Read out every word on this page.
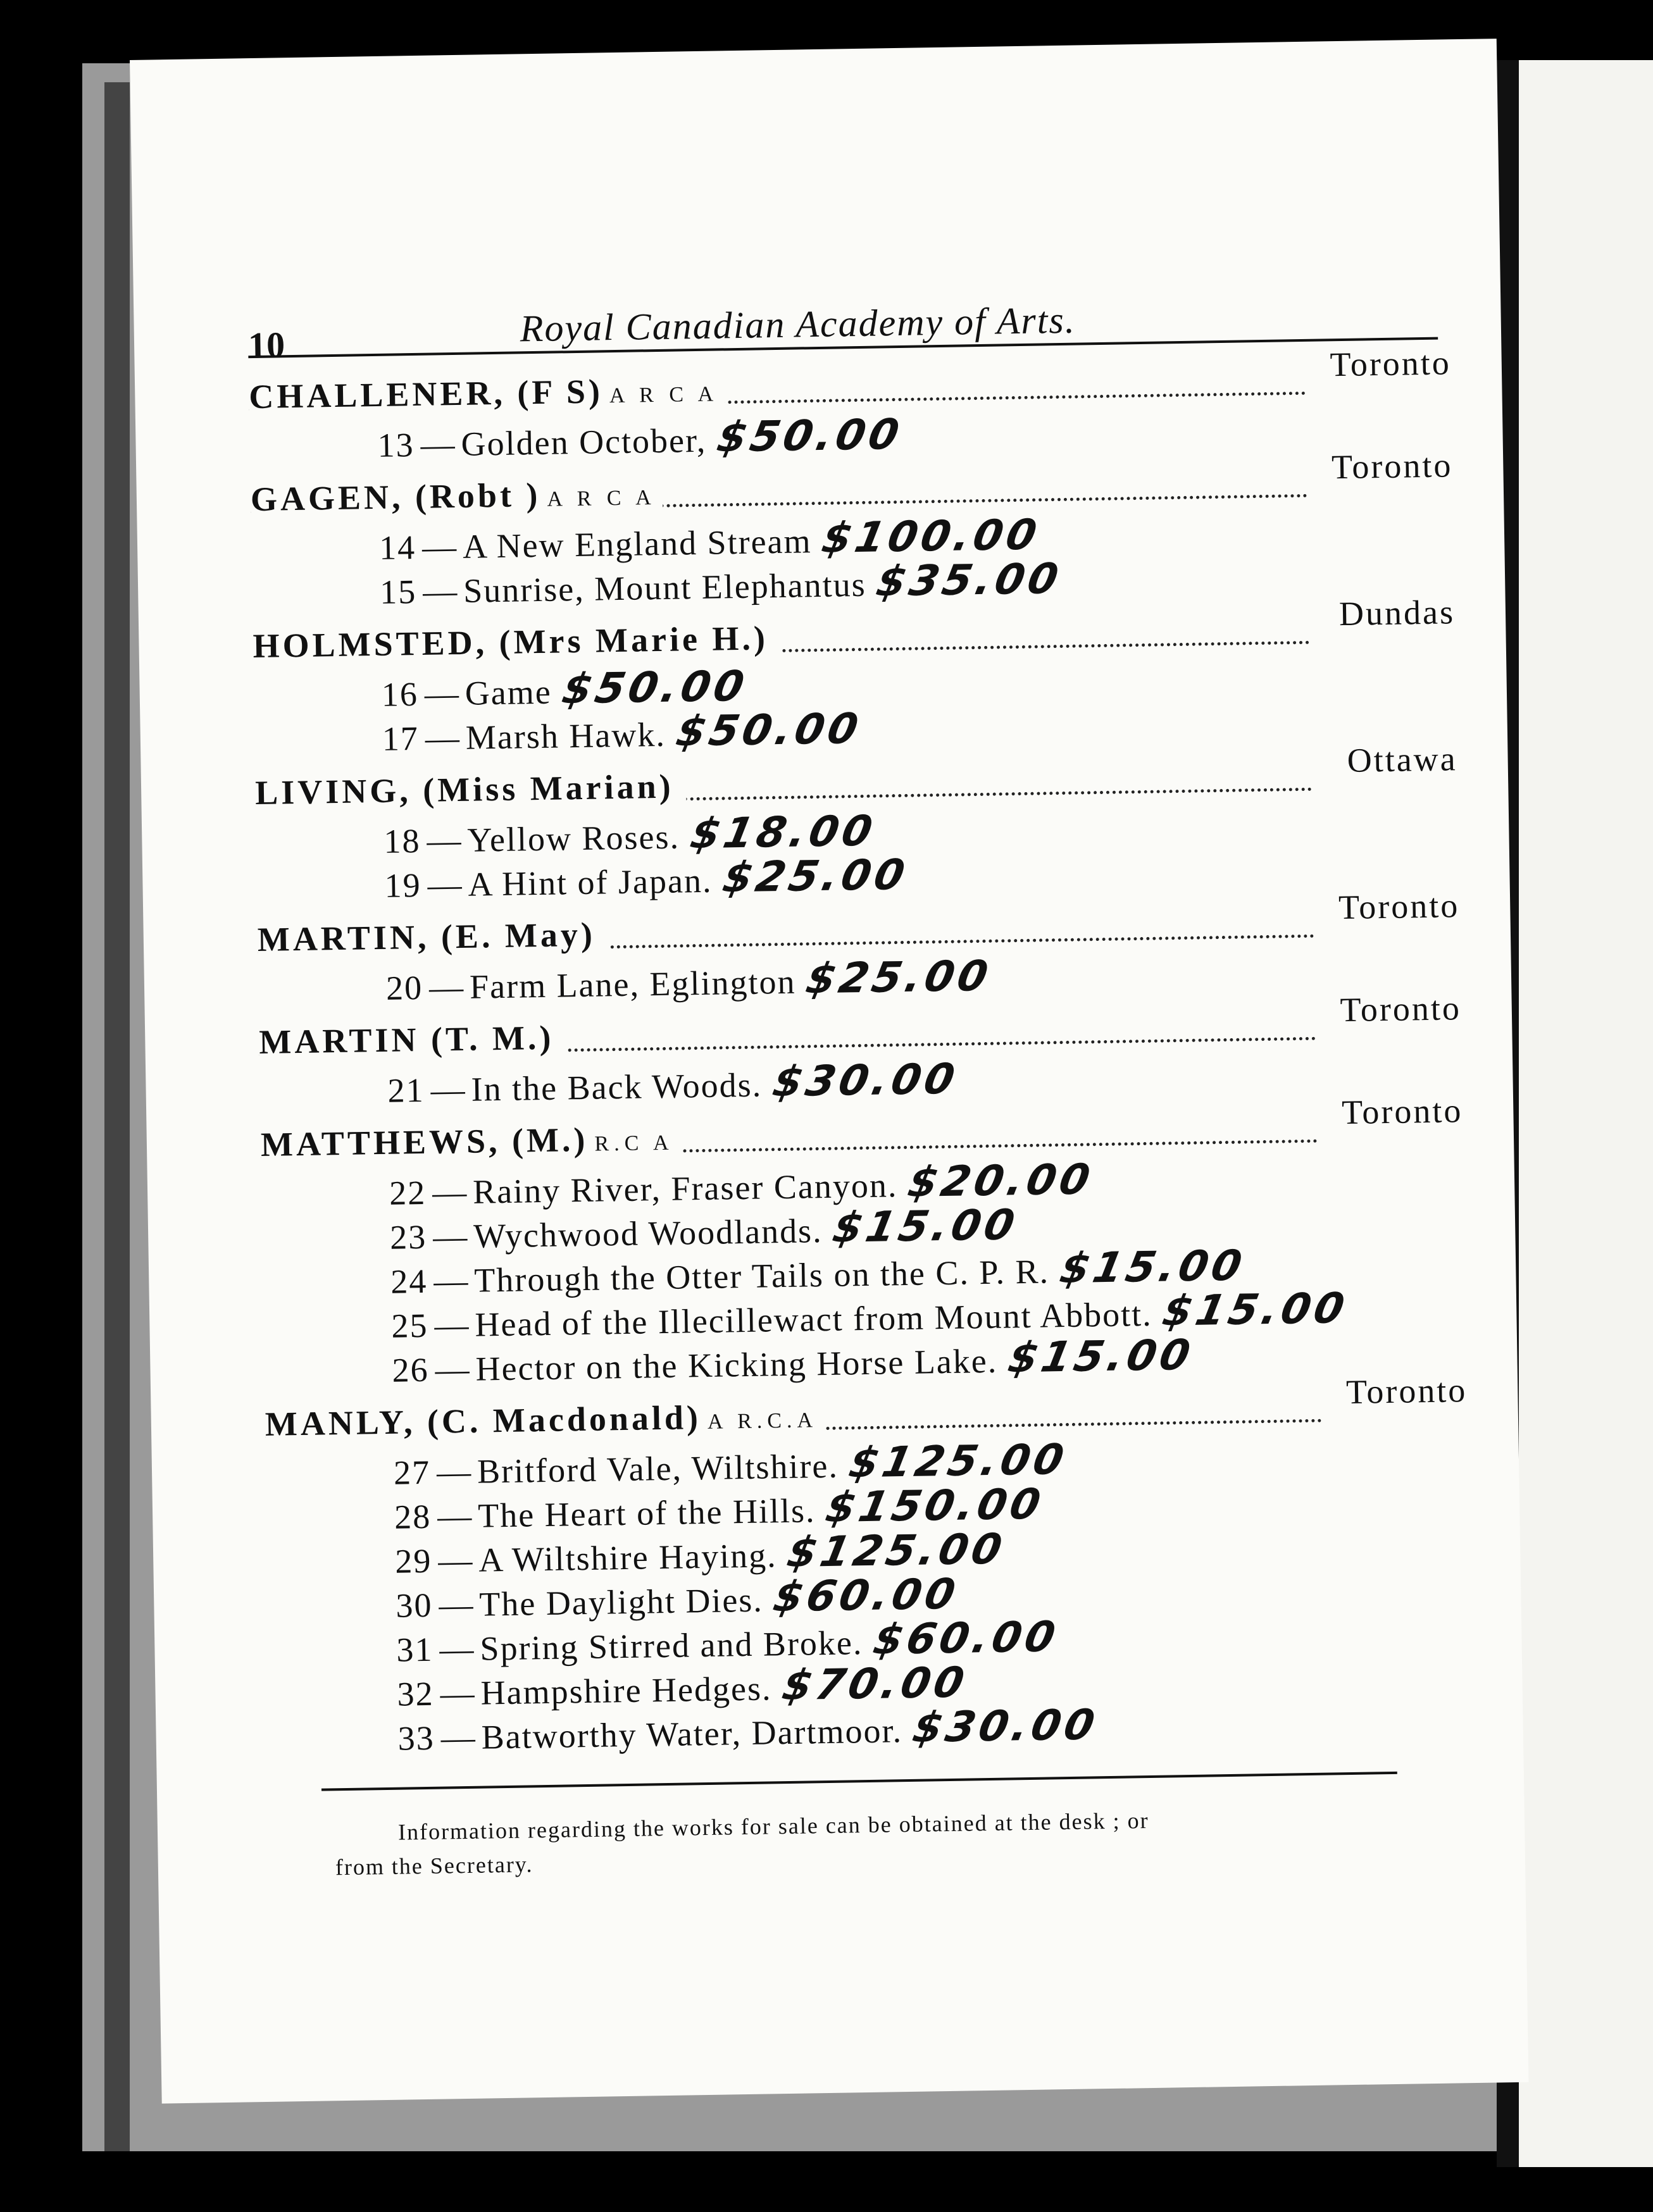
10	Royal Canadian Academy of Arts.
CHALLENER, (F S) A R C A
Toronto
13 — Golden October, $50.00
GAGEN, (Robt ) A R C A
Toronto
14 — A New England Stream $100.00
15 — Sunrise, Mount Elephantus $35.00
HOLMSTED, (Mrs Marie H.)
Dundas
16 — Game $50.00
17 — Marsh Hawk. $50.00
LIVING, (Miss Marian)
Ottawa
18 — Yellow Roses. $18.00
19 — A Hint of Japan. $25.00
MARTIN, (E. May)
Toronto
20 — Farm Lane, Eglington $25.00
MARTIN (T. M.)
Toronto
21 — In the Back Woods. $30.00
MATTHEWS, (M.) R.C A
Toronto
22 — Rainy River, Fraser Canyon. $20.00
23 — Wychwood Woodlands. $15.00
24 — Through the Otter Tails on the C. P. R. $15.00
25 — Head of the Illecillewact from Mount Abbott. $15.00
26 — Hector on the Kicking Horse Lake. $15.00
MANLY, (C. Macdonald) A R.C.A
Toronto
27 — Britford Vale, Wiltshire. $125.00
28 — The Heart of the Hills. $150.00
29 — A Wiltshire Haying. $125.00
30 — The Daylight Dies. $60.00
31 — Spring Stirred and Broke. $60.00
32 — Hampshire Hedges. $70.00
33 — Batworthy Water, Dartmoor. $30.00

Information regarding the works for sale can be obtained at the desk ; or

from the Secretary.
